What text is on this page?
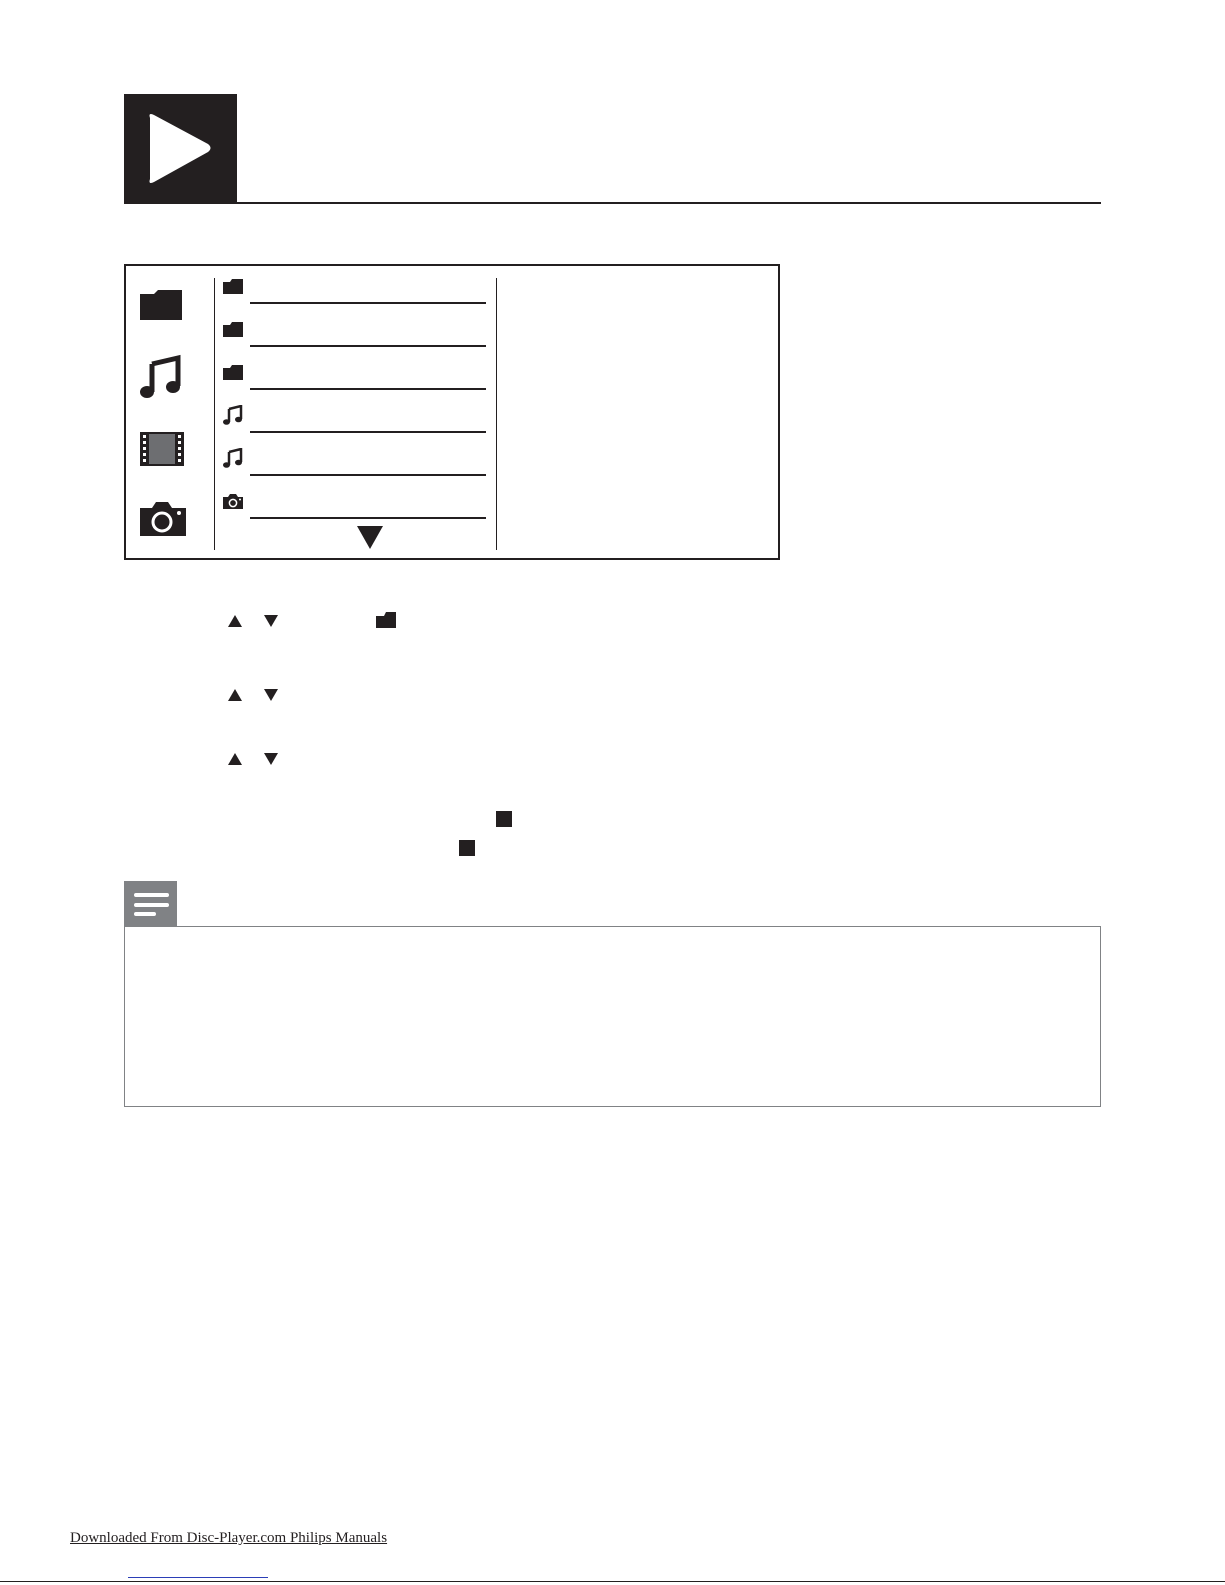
Downloaded From Disc-Player.com Philips Manuals
